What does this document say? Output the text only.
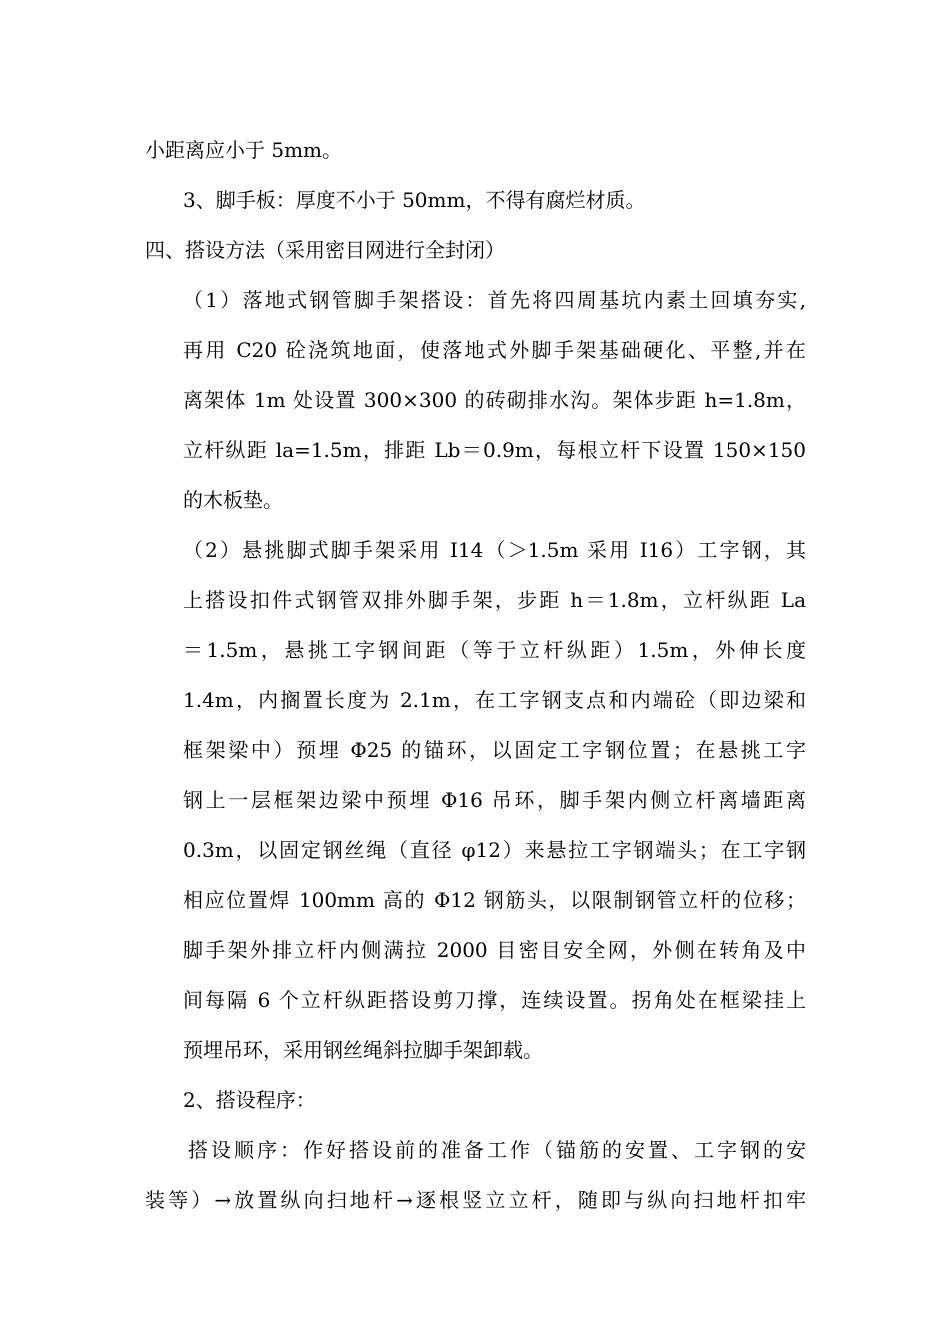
小距离应小于 5mm。
3、脚手板：厚度不小于 50mm，不得有腐烂材质。
四、搭设方法（采用密目网进行全封闭）
（1）落地式钢管脚手架搭设：首先将四周基坑内素土回填夯实,
再用 C20 砼浇筑地面，使落地式外脚手架基础硬化、平整,并在
离架体 1m 处设置 300×300 的砖砌排水沟。架体步距 h=1.8m，
立杆纵距 la=1.5m，排距 Lb＝0.9m，每根立杆下设置 150×150
的木板垫。
（2）悬挑脚式脚手架采用 I14（＞1.5m 采用 I16）工字钢，其
上搭设扣件式钢管双排外脚手架，步距 h＝1.8m，立杆纵距 La
＝1.5m，悬挑工字钢间距（等于立杆纵距）1.5m，外伸长度
1.4m，内搁置长度为 2.1m，在工字钢支点和内端砼（即边梁和
框架梁中）预埋 Φ25 的锚环，以固定工字钢位置；在悬挑工字
钢上一层框架边梁中预埋 Φ16 吊环，脚手架内侧立杆离墙距离
0.3m，以固定钢丝绳（直径 φ12）来悬拉工字钢端头；在工字钢
相应位置焊 100mm 高的 Φ12 钢筋头，以限制钢管立杆的位移；
脚手架外排立杆内侧满拉 2000 目密目安全网，外侧在转角及中
间每隔 6 个立杆纵距搭设剪刀撑，连续设置。拐角处在框梁挂上
预埋吊环，采用钢丝绳斜拉脚手架卸载。
2、搭设程序：
搭设顺序：作好搭设前的准备工作（锚筋的安置、工字钢的安
装等）→放置纵向扫地杆→逐根竖立立杆，随即与纵向扫地杆扣牢
